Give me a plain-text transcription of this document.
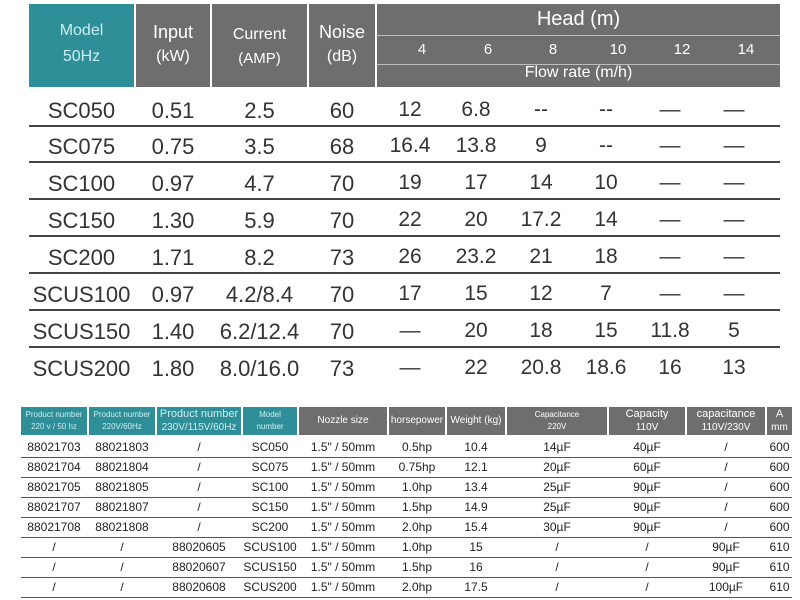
Model
50Hz
Input
(kW)
Current
(AMP)
Noise
(dB)
Head (m)
4	6	8	10	12	14
Flow rate (m/h)
SC050	0.51	2.5	60	12	6.8	--	--	—	—
SC075	0.75	3.5	68	16.4	13.8	9	--	—	—
SC100	0.97	4.7	70	19	17	14	10	—	—
SC150	1.30	5.9	70	22	20	17.2	14	—	—
SC200	1.71	8.2	73	26	23.2	21	18	—	—
SCUS100 0.97	4.2/8.4	70	17	15	12	7	—	—
SCUS150 1.40	6.2/12.4	70	—	20	18	15	11.8	5
SCUS200 1.80	8.0/16.0	73	—	22	20.8	18.6	16	13
Product number
220 v / 50 hz
Product number
220V/60Hz
Product number
230V/115V/60Hz
Model
number
Nozzle size	horsepower Weight (kg)
Capacitance
220V
Capacity
110V
capacitance
110V/230V
A
mm
88021703	88021803	/	SC050	1.5" / 50mm	0.5hp	10.4	14µF	40µF	/	600
88021704	88021804	/	SC075	1.5" / 50mm	0.75hp	12.1	20µF	60µF	/	600
88021705	88021805	/	SC100	1.5" / 50mm	1.0hp	13.4	25µF	90µF	/	600
88021707	88021807	/	SC150	1.5" / 50mm	1.5hp	14.9	25µF	90µF	/	600
88021708	88021808	/	SC200	1.5" / 50mm	2.0hp	15.4	30µF	90µF	/	600
/	/	88020605	SCUS100	1.5" / 50mm	1.0hp	15	/	/	90µF	610
/	/	88020607	SCUS150	1.5" / 50mm	1.5hp	16	/	/	90µF	610
/	/	88020608	SCUS200	1.5" / 50mm	2.0hp	17.5	/	/	100µF	610
